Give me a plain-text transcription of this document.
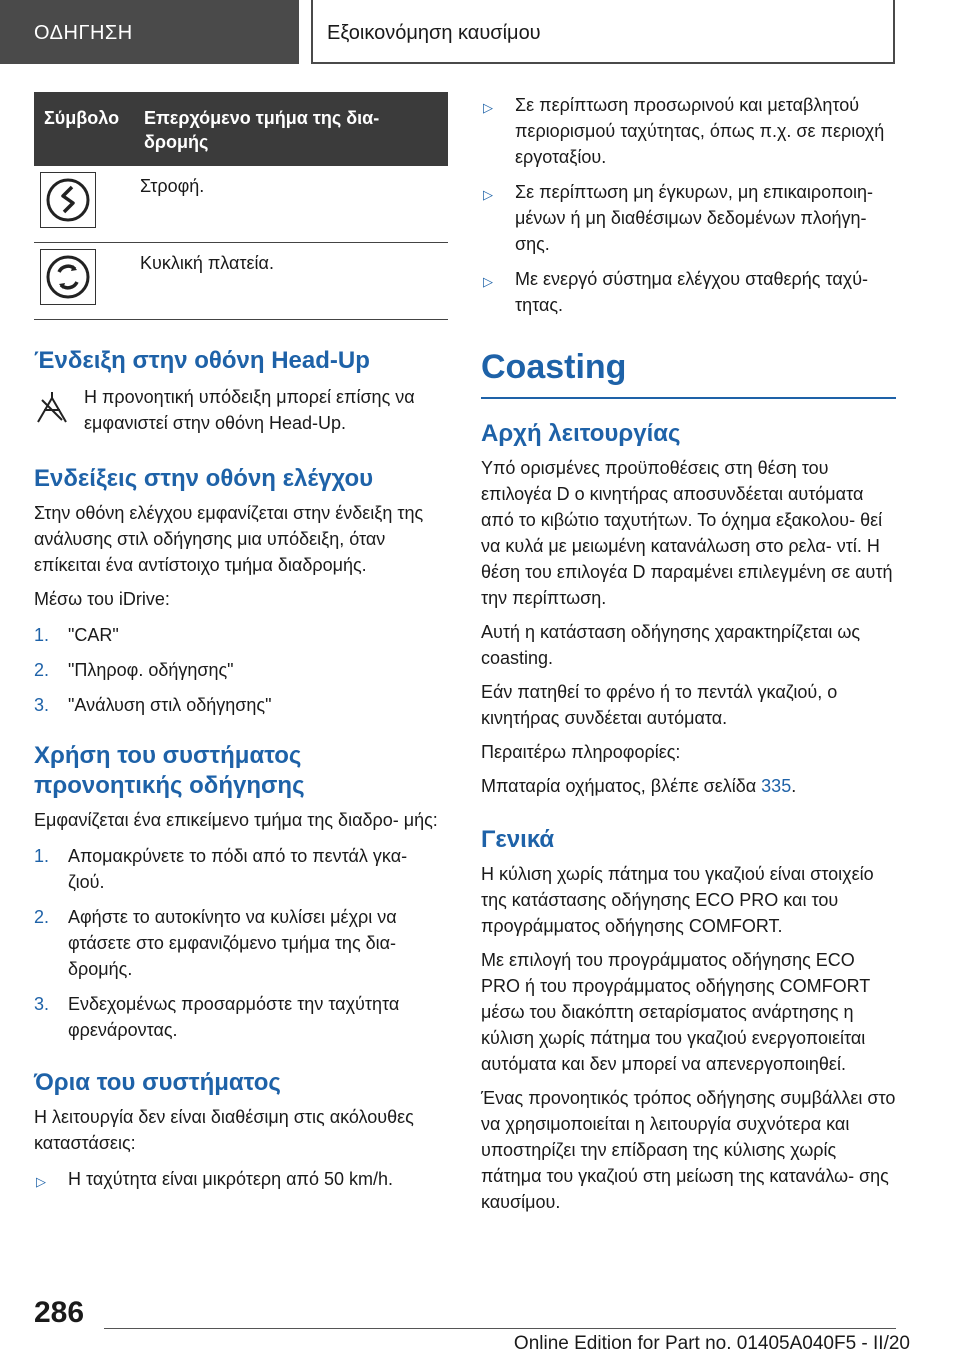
ΟΔΗΓΗΣΗ	Εξοικονόμηση καυσίμου
Σύμβολο	Επερχόμενο τμήμα της δια- δρομής

	Στροφή.

	Κυκλική πλατεία.
Ένδειξη στην οθόνη Head-Up

Η προνοητική υπόδειξη μπορεί επίσης να εμφανιστεί στην οθόνη Head-Up.

Ενδείξεις στην οθόνη ελέγχου

Στην οθόνη ελέγχου εμφανίζεται στην ένδειξη της ανάλυσης στιλ οδήγησης μια υπόδειξη, όταν επίκειται ένα αντίστοιχο τμήμα διαδρομής.

Μέσω του iDrive:

1. "CAR"
2. "Πληροφ. οδήγησης"
3. "Ανάλυση στιλ οδήγησης"
Χρήση του συστήματος προνοητικής οδήγησης

Εμφανίζεται ένα επικείμενο τμήμα της διαδρο- μής:

1. Απομακρύνετε το πόδι από το πεντάλ γκα- ζιού.
2. Αφήστε το αυτοκίνητο να κυλίσει μέχρι να φτάσετε στο εμφανιζόμενο τμήμα της δια- δρομής.
3. Ενδεχομένως προσαρμόστε την ταχύτητα φρενάροντας.
Όρια του συστήματος

Η λειτουργία δεν είναι διαθέσιμη στις ακόλουθες καταστάσεις:

▷ Η ταχύτητα είναι μικρότερη από 50 km/h.
▷ Σε περίπτωση προσωρινού και μεταβλητού περιορισμού ταχύτητας, όπως π.χ. σε περιοχή εργοταξίου.
▷ Σε περίπτωση μη έγκυρων, μη επικαιροποιη- μένων ή μη διαθέσιμων δεδομένων πλοήγη- σης.
▷ Με ενεργό σύστημα ελέγχου σταθερής ταχύ- τητας.
Coasting
Αρχή λειτουργίας

Υπό ορισμένες προϋποθέσεις στη θέση του επιλογέα D ο κινητήρας αποσυνδέεται αυτόματα από το κιβώτιο ταχυτήτων. Το όχημα εξακολου- θεί να κυλά με μειωμένη κατανάλωση στο ρελα- ντί. Η θέση του επιλογέα D παραμένει επιλεγμένη σε αυτή την περίπτωση.

Αυτή η κατάσταση οδήγησης χαρακτηρίζεται ως coasting.

Εάν πατηθεί το φρένο ή το πεντάλ γκαζιού, ο κινητήρας συνδέεται αυτόματα.

Περαιτέρω πληροφορίες:

Μπαταρία οχήματος, βλέπε σελίδα 335.

Γενικά

Η κύλιση χωρίς πάτημα του γκαζιού είναι στοιχείο της κατάστασης οδήγησης ECO PRO και του προγράμματος οδήγησης COMFORT.

Με επιλογή του προγράμματος οδήγησης ECO PRO ή του προγράμματος οδήγησης COMFORT μέσω του διακόπτη σεταρίσματος ανάρτησης η κύλιση χωρίς πάτημα του γκαζιού ενεργοποιείται αυτόματα και δεν μπορεί να απενεργοποιηθεί.

Ένας προνοητικός τρόπος οδήγησης συμβάλλει στο να χρησιμοποιείται η λειτουργία συχνότερα και υποστηρίζει την επίδραση της κύλισης χωρίς πάτημα του γκαζιού στη μείωση της κατανάλω- σης καυσίμου.

286
Online Edition for Part no. 01405A040F5 - II/20
